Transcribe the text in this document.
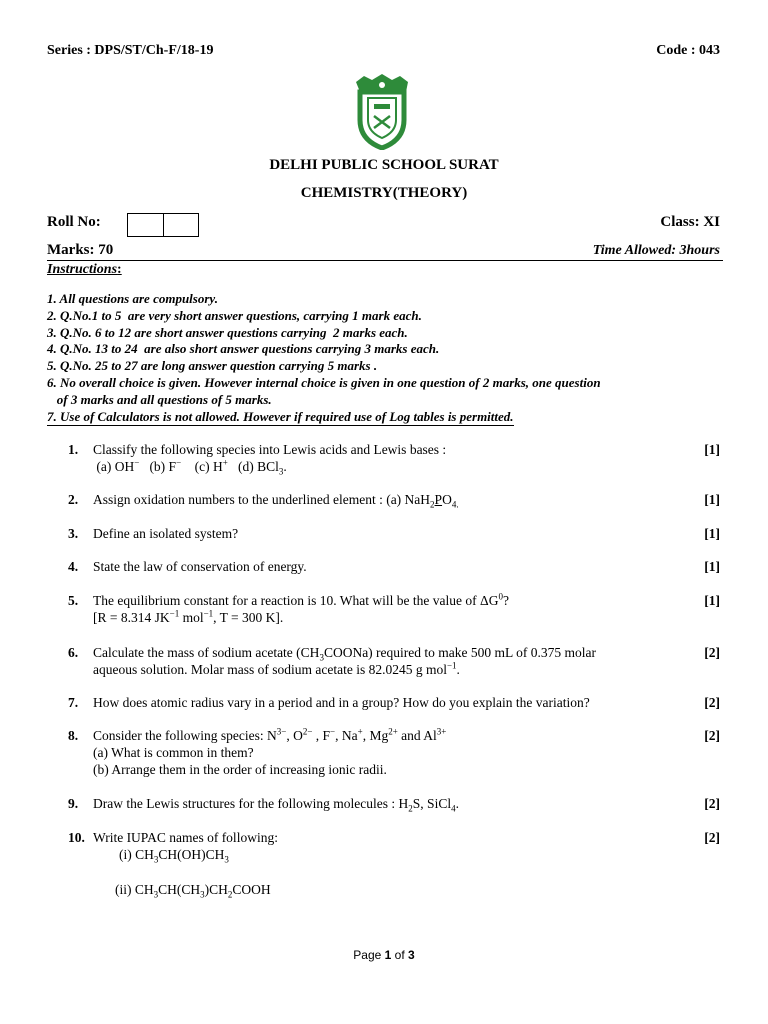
Series : DPS/ST/Ch-F/18-19	Code : 043
DELHI PUBLIC SCHOOL SURAT
CHEMISTRY(THEORY)
Roll No:	Class: XI
Marks: 70	Time Allowed: 3hours
Instructions:
1. All questions are compulsory.
2. Q.No.1 to 5  are very short answer questions, carrying 1 mark each.
3. Q.No. 6 to 12 are short answer questions carrying  2 marks each.
4. Q.No. 13 to 24  are also short answer questions carrying 3 marks each.
5. Q.No. 25 to 27 are long answer question carrying 5 marks .
6. No overall choice is given. However internal choice is given in one question of 2 marks, one question
of 3 marks and all questions of 5 marks.
7. Use of Calculators is not allowed. However if required use of Log tables is permitted.
1. Classify the following species into Lewis acids and Lewis bases :
(a) OH−   (b) F−    (c) H+   (d) BCl$_3$.
[1]
2. Assign oxidation numbers to the underlined element : (a) $NaH_2PO_{4.}$	[1]
3. Define an isolated system?	[1]
4. State the law of conservation of energy.	[1]
5. The equilibrium constant for a reaction is 10. What will be the value of $\Delta G^0$?
[R = 8.314 $JK^{-1}$ mol$^{-1}$, T = 300 K].
[1]
6. Calculate the mass of sodium acetate $(CH_3COONa)$ required to make 500 mL of 0.375 molar
aqueous solution. Molar mass of sodium acetate is 82.0245 g mol$^{-1}$.
[2]
7. How does atomic radius vary in a period and in a group? How do you explain the variation?	[2]
8. Consider the following species: $N^{3-}$, $O^{2-}$ , F−, Na+, $Mg^{2+}$ and $Al^{3+}$
(a) What is common in them?
(b) Arrange them in the order of increasing ionic radii.
[2]
9. Draw the Lewis structures for the following molecules : $H_2S$, SiCl$_4$.	[2]
10. Write IUPAC names of following:
(i) $CH_3CH(OH)CH_3$
(ii) $CH_3CH(CH_3)CH_2COOH$
[2]
Page 1 of 3
